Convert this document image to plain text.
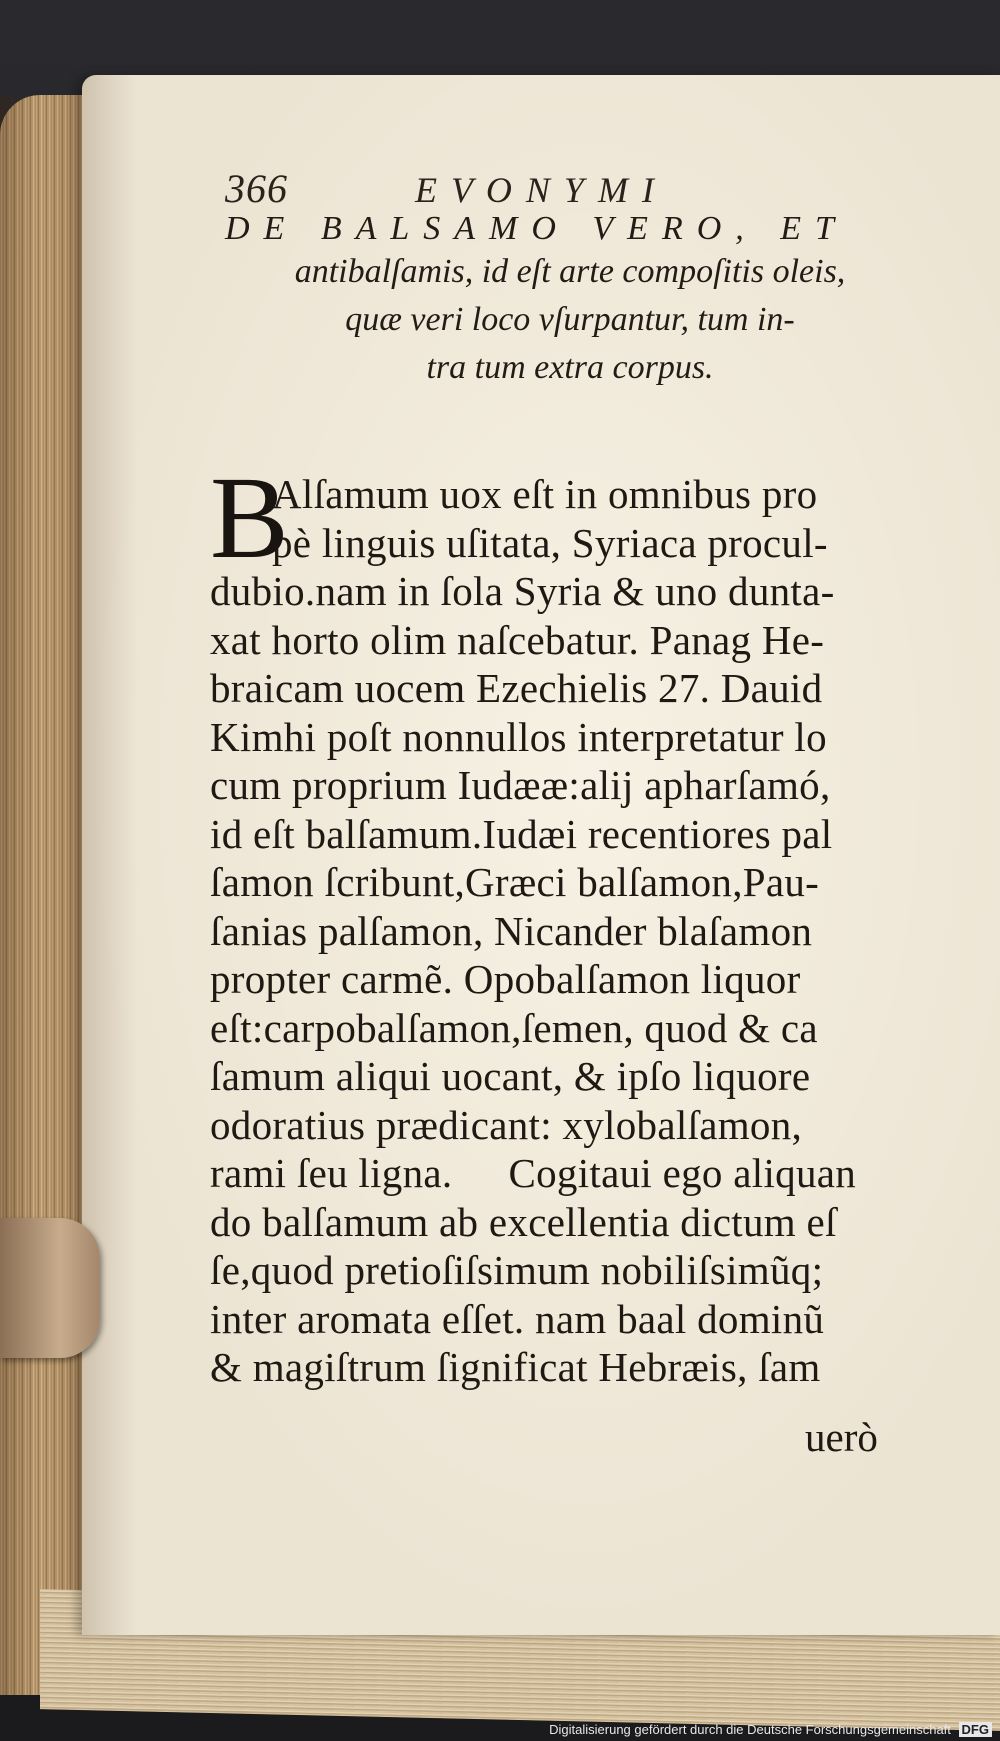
366	EVONYMI
DE BALSAMO VERO, ET
antibalſamis, id eſt arte compoſitis oleis,
quæ veri loco vſurpantur, tum in-
tra tum extra corpus.
B
Alſamum uox eſt in omnibus pro
pè linguis uſitata, Syriaca procul-
dubio.nam in ſola Syria & uno dunta-
xat horto olim naſcebatur. Panag He-
braicam uocem Ezechielis 27. Dauid
Kimhi poſt nonnullos interpretatur lo
cum proprium Iudææ:alij apharſamó,
id eſt balſamum.Iudæi recentiores pal
ſamon ſcribunt,Græci balſamon,Pau-
ſanias palſamon, Nicander blaſamon
propter carmẽ. Opobalſamon liquor
eſt:carpobalſamon,ſemen, quod & ca
ſamum aliqui uocant, & ipſo liquore
odoratius prædicant: xylobalſamon,
rami ſeu ligna. Cogitaui ego aliquan
do balſamum ab excellentia dictum eſ
ſe,quod pretioſiſsimum nobiliſsimũq;
inter aromata eſſet. nam baal dominũ
& magiſtrum ſignificat Hebræis, ſam
uerò
Digitalisierung gefördert durch die Deutsche Forschungsgemeinschaft DFG
